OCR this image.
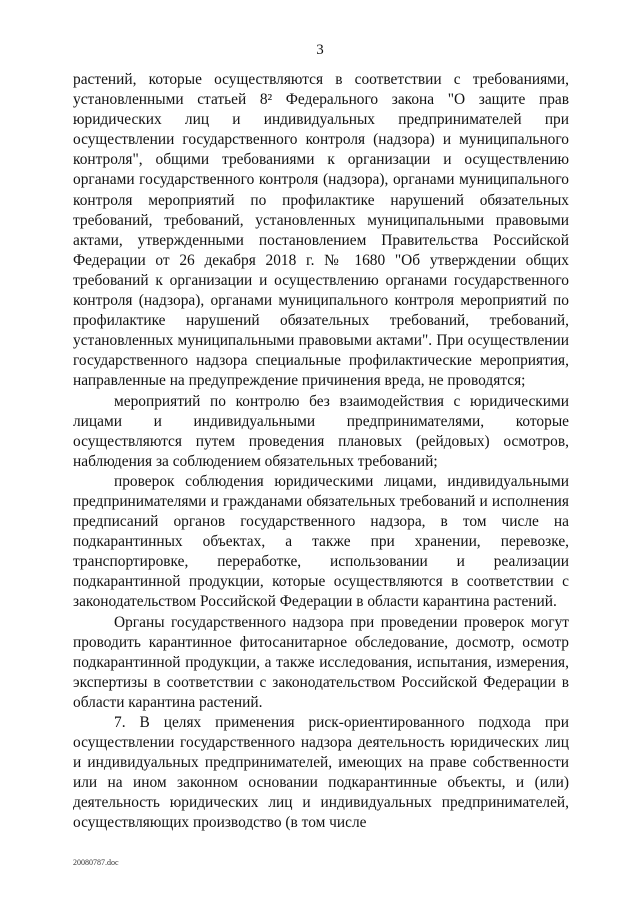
3

растений, которые осуществляются в соответствии с требованиями, установленными статьей 8² Федерального закона "О защите прав юридических лиц и индивидуальных предпринимателей при осуществлении государственного контроля (надзора) и муниципального контроля", общими требованиями к организации и осуществлению органами государственного контроля (надзора), органами муниципального контроля мероприятий по профилактике нарушений обязательных требований, требований, установленных муниципальными правовыми актами, утвержденными постановлением Правительства Российской Федерации от 26 декабря 2018 г. № 1680 "Об утверждении общих требований к организации и осуществлению органами государственного контроля (надзора), органами муниципального контроля мероприятий по профилактике нарушений обязательных требований, требований, установленных муниципальными правовыми актами". При осуществлении государственного надзора специальные профилактические мероприятия, направленные на предупреждение причинения вреда, не проводятся;

мероприятий по контролю без взаимодействия с юридическими лицами и индивидуальными предпринимателями, которые осуществляются путем проведения плановых (рейдовых) осмотров, наблюдения за соблюдением обязательных требований;

проверок соблюдения юридическими лицами, индивидуальными предпринимателями и гражданами обязательных требований и исполнения предписаний органов государственного надзора, в том числе на подкарантинных объектах, а также при хранении, перевозке, транспортировке, переработке, использовании и реализации подкарантинной продукции, которые осуществляются в соответствии с законодательством Российской Федерации в области карантина растений.

Органы государственного надзора при проведении проверок могут проводить карантинное фитосанитарное обследование, досмотр, осмотр подкарантинной продукции, а также исследования, испытания, измерения, экспертизы в соответствии с законодательством Российской Федерации в области карантина растений.

7. В целях применения риск-ориентированного подхода при осуществлении государственного надзора деятельность юридических лиц и индивидуальных предпринимателей, имеющих на праве собственности или на ином законном основании подкарантинные объекты, и (или) деятельность юридических лиц и индивидуальных предпринимателей, осуществляющих производство (в том числе

20080787.doc
